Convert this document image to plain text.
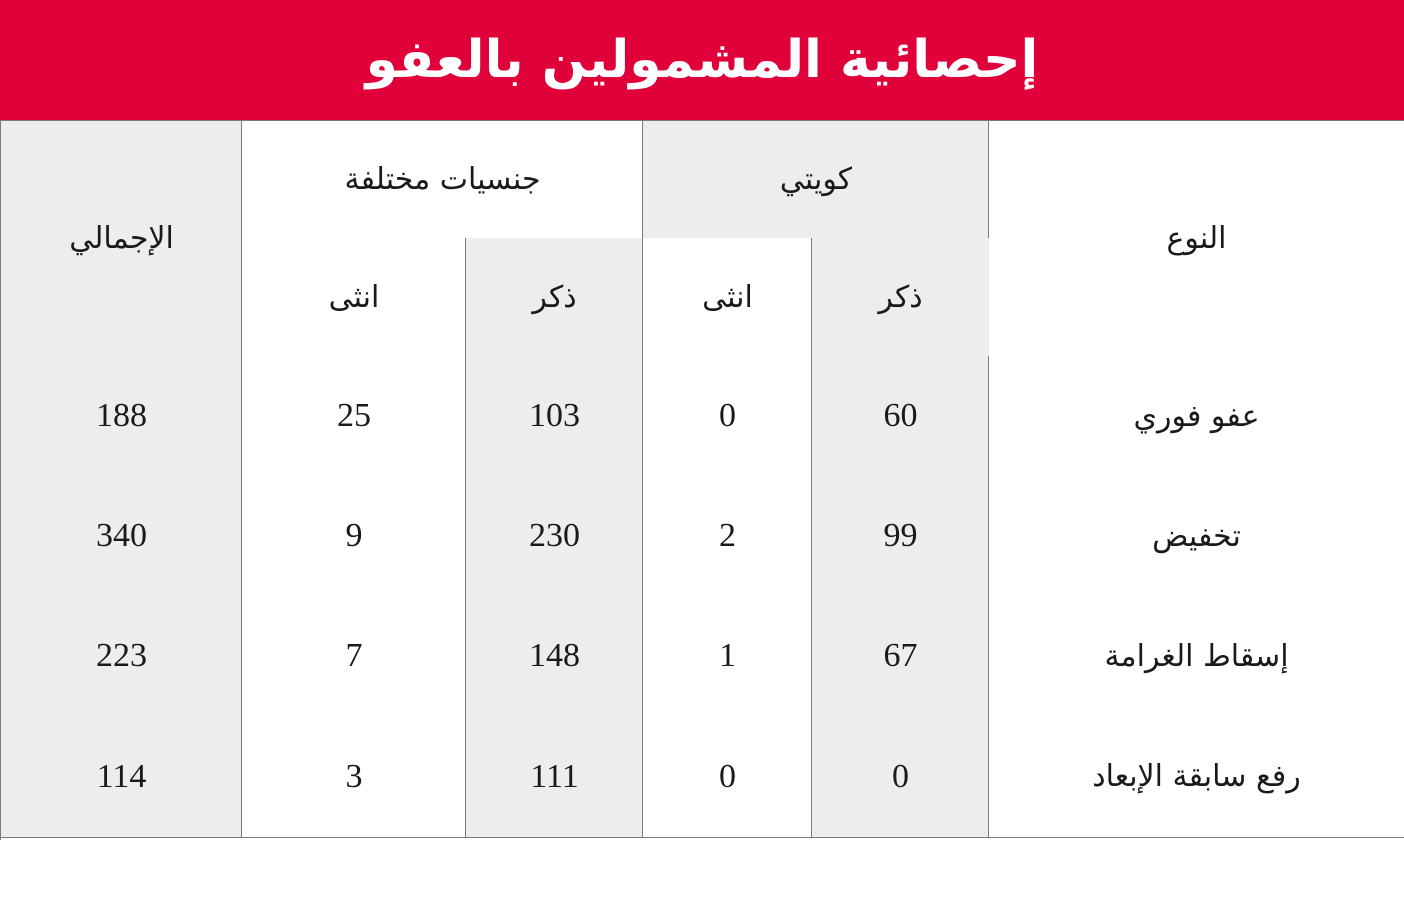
إحصائية المشمولين بالعفو
الإجمالي
جنسيات مختلفة	كويتي
النوع
انثى	ذكر	انثى	ذكر
188	25	103	0	60	عفو فوري
340	9	230	2	99	تخفيض
223	7	148	1	67	إسقاط الغرامة
114	3	111	0	0	رفع سابقة الإبعاد
